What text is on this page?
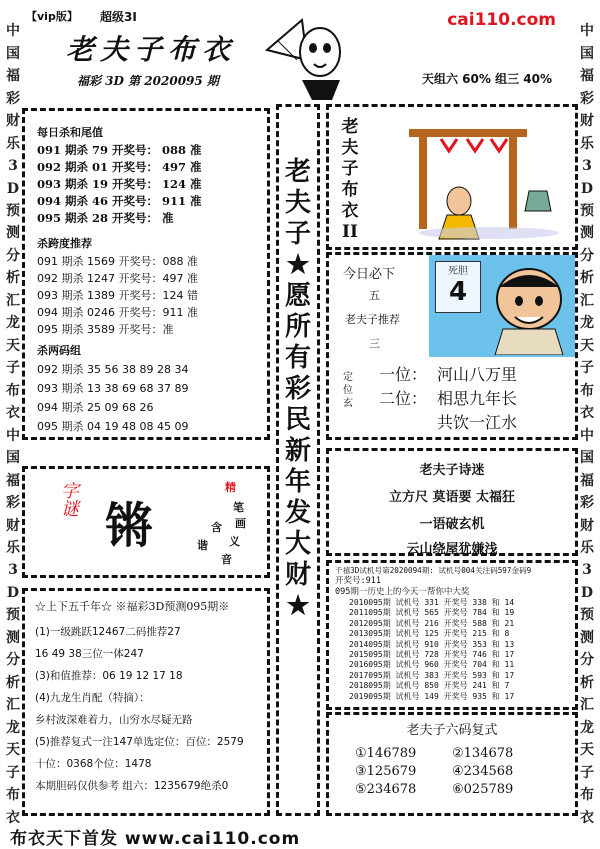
中
国
福
彩
财
乐
3
D
预
测
分
析
汇
龙
天
子
布
衣
中
国
福
彩
财
乐
3
D
预
测
分
析
汇
龙
天
子
布
衣
中
国
福
彩
财
乐
3
D
预
测
分
析
汇
龙
天
子
布
衣
中
国
福
彩
财
乐
3
D
预
测
分
析
汇
龙
天
子
布
衣
【vip版】 超级3I
老夫子布衣
福彩 3D 第 2020095 期
cai110.com
天组六 60% 组三 40%
每日杀和尾值
091 期杀 79 开奖号： 088 准
092 期杀 01 开奖号： 497 准
093 期杀 19 开奖号： 124 准
094 期杀 46 开奖号： 911 准
095 期杀 28 开奖号： 准
杀跨度推荐
091 期杀 1569 开奖号：088 准
092 期杀 1247 开奖号：497 准
093 期杀 1389 开奖号：124 错
094 期杀 0246 开奖号：911 准
095 期杀 3589 开奖号：准
杀两码组
092 期杀 35 56 38 89 28 34
093 期杀 13 38 69 68 37 89
094 期杀 25 09 68 26
095 期杀 04 19 48 08 45 09
字谜 锵
精
笔
画
含
谐 义
音
☆上下五千年☆ ※福彩3D预测095期※
(1)一级跳跃12467二码推荐27
16 49 38三位一体247
(3)和值推荐：06 19 12 17 18
(4)九龙生肖配（特摘）：
乡村波深难着力，山穷水尽疑无路
(5)推荐复式一注147单选定位：百位：2579
十位：0368个位：1478
本期胆码仅供参考 组六：1235679绝杀0
老
夫
子
★
愿
所
有
彩
民
新
年
发
大
财
★
老
夫
子
布
衣
II
今日必下
五
老夫子推荐
三
死胆
4
定
位
玄
一位： 河山八万里
二位： 相思九年长
共饮一江水
老夫子诗迷
立方尺 莫语要 太福狂
一语破玄机
云山绕屋犹嫌浅
千禧3D试机号第2020094期: 试机号004关注码597金码9
开奖号:911
095期一历史上的今天一帮你中大奖
2010095期 试机号 331 开奖号 338 和 14
2011095期 试机号 565 开奖号 784 和 19
2012095期 试机号 216 开奖号 588 和 21
2013095期 试机号 125 开奖号 215 和 8
2014095期 试机号 910 开奖号 353 和 13
2015095期 试机号 728 开奖号 746 和 17
2016095期 试机号 960 开奖号 704 和 11
2017095期 试机号 383 开奖号 593 和 17
2018095期 试机号 850 开奖号 241 和 7
2019095期 试机号 149 开奖号 935 和 17
老夫子六码复式
①146789	②134678
③125679	④234568
⑤234678	⑥025789
布衣天下首发 www.cai110.com
